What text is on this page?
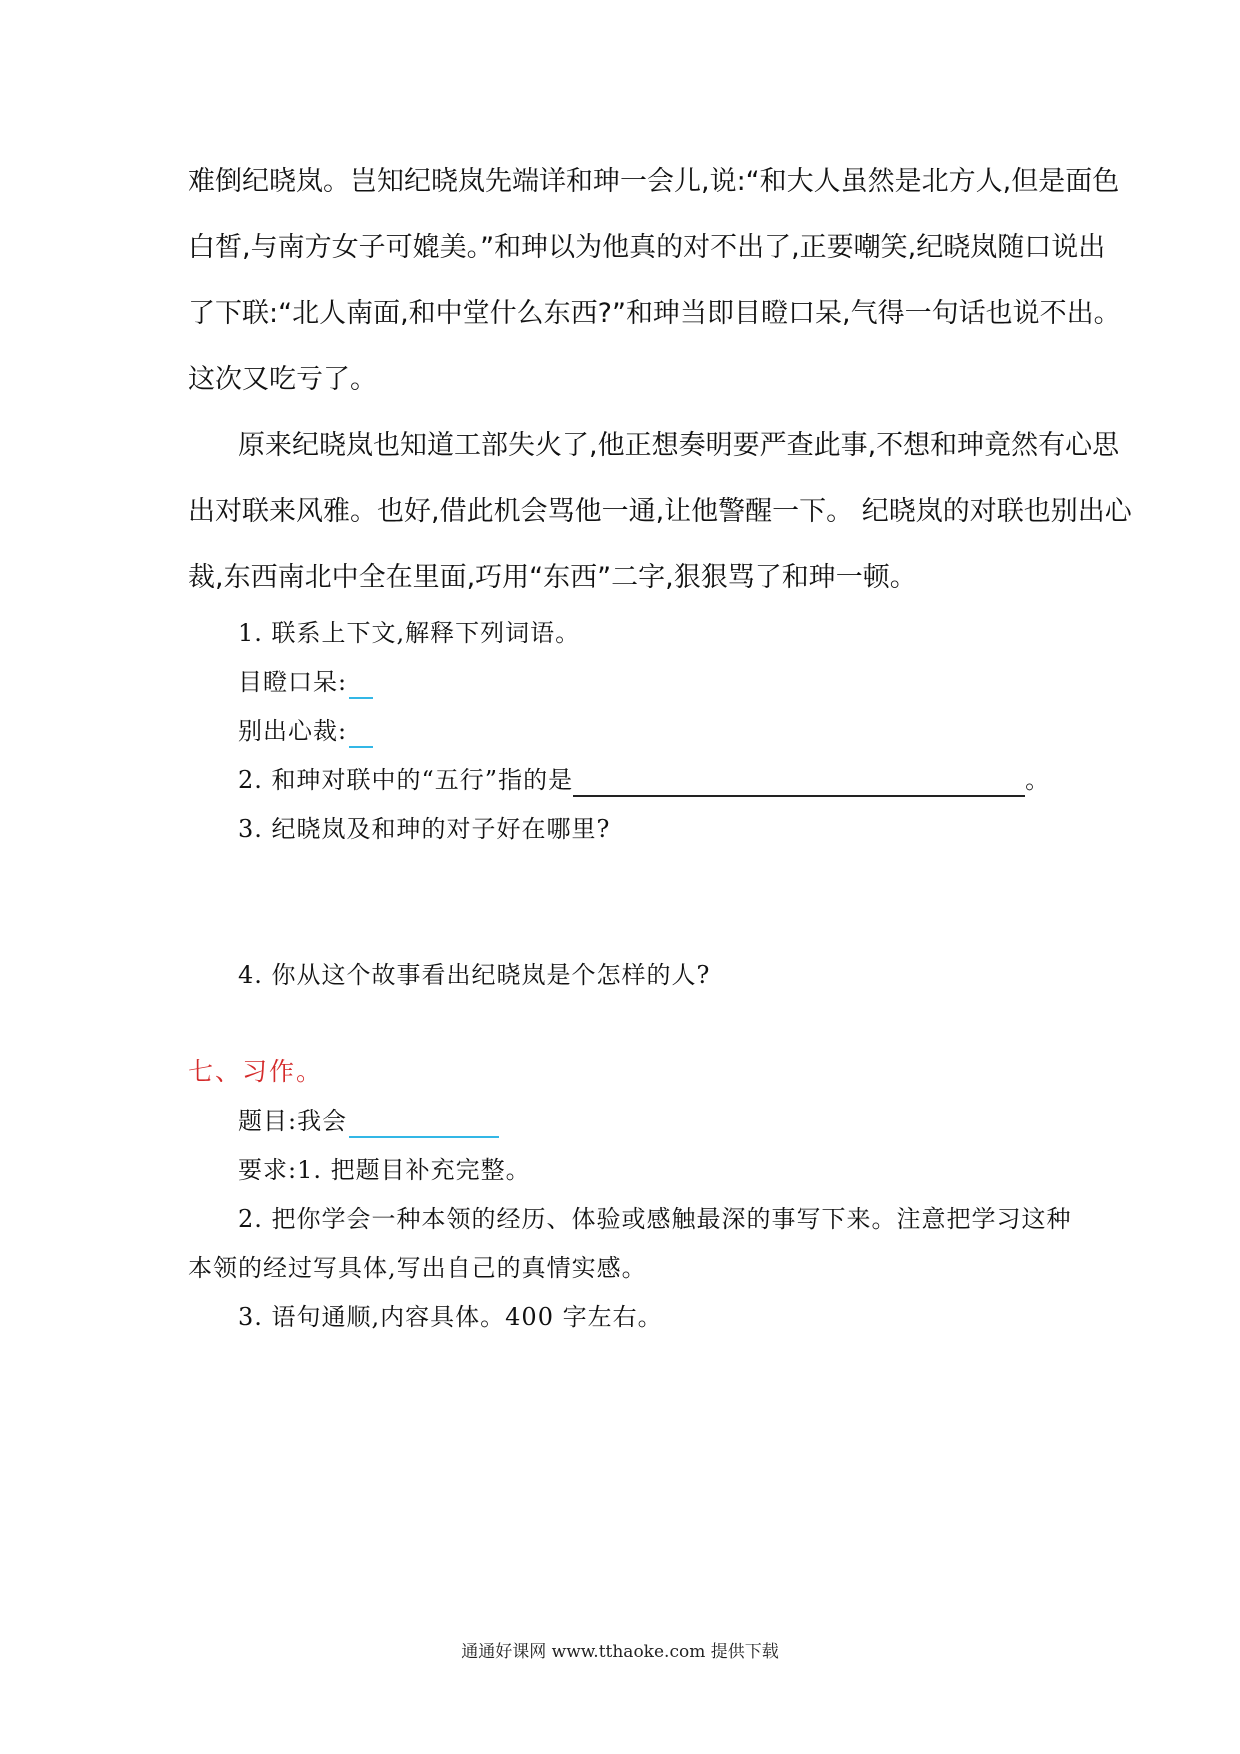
难倒纪晓岚。岂知纪晓岚先端详和珅一会儿,说:“和大人虽然是北方人,但是面色
白皙,与南方女子可媲美。”和珅以为他真的对不出了,正要嘲笑,纪晓岚随口说出
了下联:“北人南面,和中堂什么东西?”和珅当即目瞪口呆,气得一句话也说不出。
这次又吃亏了。
原来纪晓岚也知道工部失火了,他正想奏明要严查此事,不想和珅竟然有心思
出对联来风雅。也好,借此机会骂他一通,让他警醒一下。 纪晓岚的对联也别出心
裁,东西南北中全在里面,巧用“东西”二字,狠狠骂了和珅一顿。
1. 联系上下文,解释下列词语。
目瞪口呆:
别出心裁:
2. 和珅对联中的“五行”指的是	。
3. 纪晓岚及和珅的对子好在哪里?
4. 你从这个故事看出纪晓岚是个怎样的人?
七、习作。
题目:我会
要求:1. 把题目补充完整。
2. 把你学会一种本领的经历、体验或感触最深的事写下来。注意把学习这种
本领的经过写具体,写出自己的真情实感。
3. 语句通顺,内容具体。400 字左右。
通通好课网 www.tthaoke.com 提供下载
